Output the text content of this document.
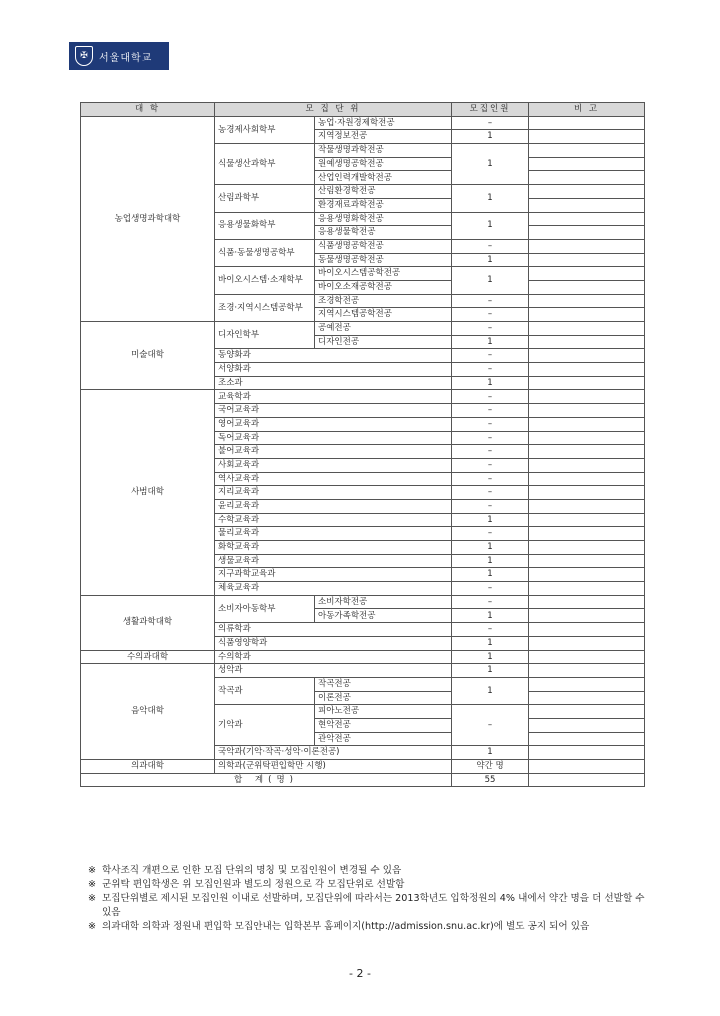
✠	서울대학교
대 학	모 집 단 위		모집인원	비 고
농업생명과학대학	농경제사회학부	농업·자원경제학전공	–	
		지역정보전공	1	
	식물생산과학부	작물생명과학전공	1	
		원예생명공학전공		
		산업인력개발학전공		
	산림과학부	산림환경학전공	1	
		환경재료과학전공		
	응용생물화학부	응용생명화학전공	1	
		응용생물학전공		
	식품·동물생명공학부	식품생명공학전공	–	
		동물생명공학전공	1	
	바이오시스템·소재학부	바이오시스템공학전공	1	
		바이오소재공학전공		
	조경·지역시스템공학부	조경학전공	–	
		지역시스템공학전공	–	
미술대학	디자인학부	공예전공	–	
		디자인전공	1	
	동양화과		–	
	서양화과		–	
	조소과		1	
사범대학	교육학과		–	
	국어교육과		–	
	영어교육과		–	
	독어교육과		–	
	불어교육과		–	
	사회교육과		–	
	역사교육과		–	
	지리교육과		–	
	윤리교육과		–	
	수학교육과		1	
	물리교육과		–	
	화학교육과		1	
	생물교육과		1	
	지구과학교육과		1	
	체육교육과		–	
생활과학대학	소비자아동학부	소비자학전공	–	
		아동가족학전공	1	
	의류학과		–	
	식품영양학과		1	
수의과대학	수의학과		1	
음악대학	성악과		1	
	작곡과	작곡전공	1	
		이론전공		
	기악과	피아노전공	–	
		현악전공		
		관악전공		
	국악과(기악·작곡·성악·이론전공)		1	
의과대학	의학과(군위탁편입학만 시행)		약간 명	
합 계(명)			55	
※ 학사조직 개편으로 인한 모집 단위의 명칭 및 모집인원이 변경될 수 있음
※ 군위탁 편입학생은 위 모집인원과 별도의 정원으로 각 모집단위로 선발함
※ 모집단위별로 제시된 모집인원 이내로 선발하며, 모집단위에 따라서는 2013학년도 입학정원의 4% 내에서 약간 명을 더 선발할 수 있음
※ 의과대학 의학과 정원내 편입학 모집안내는 입학본부 홈페이지(http://admission.snu.ac.kr)에 별도 공지 되어 있음
- 2 -
